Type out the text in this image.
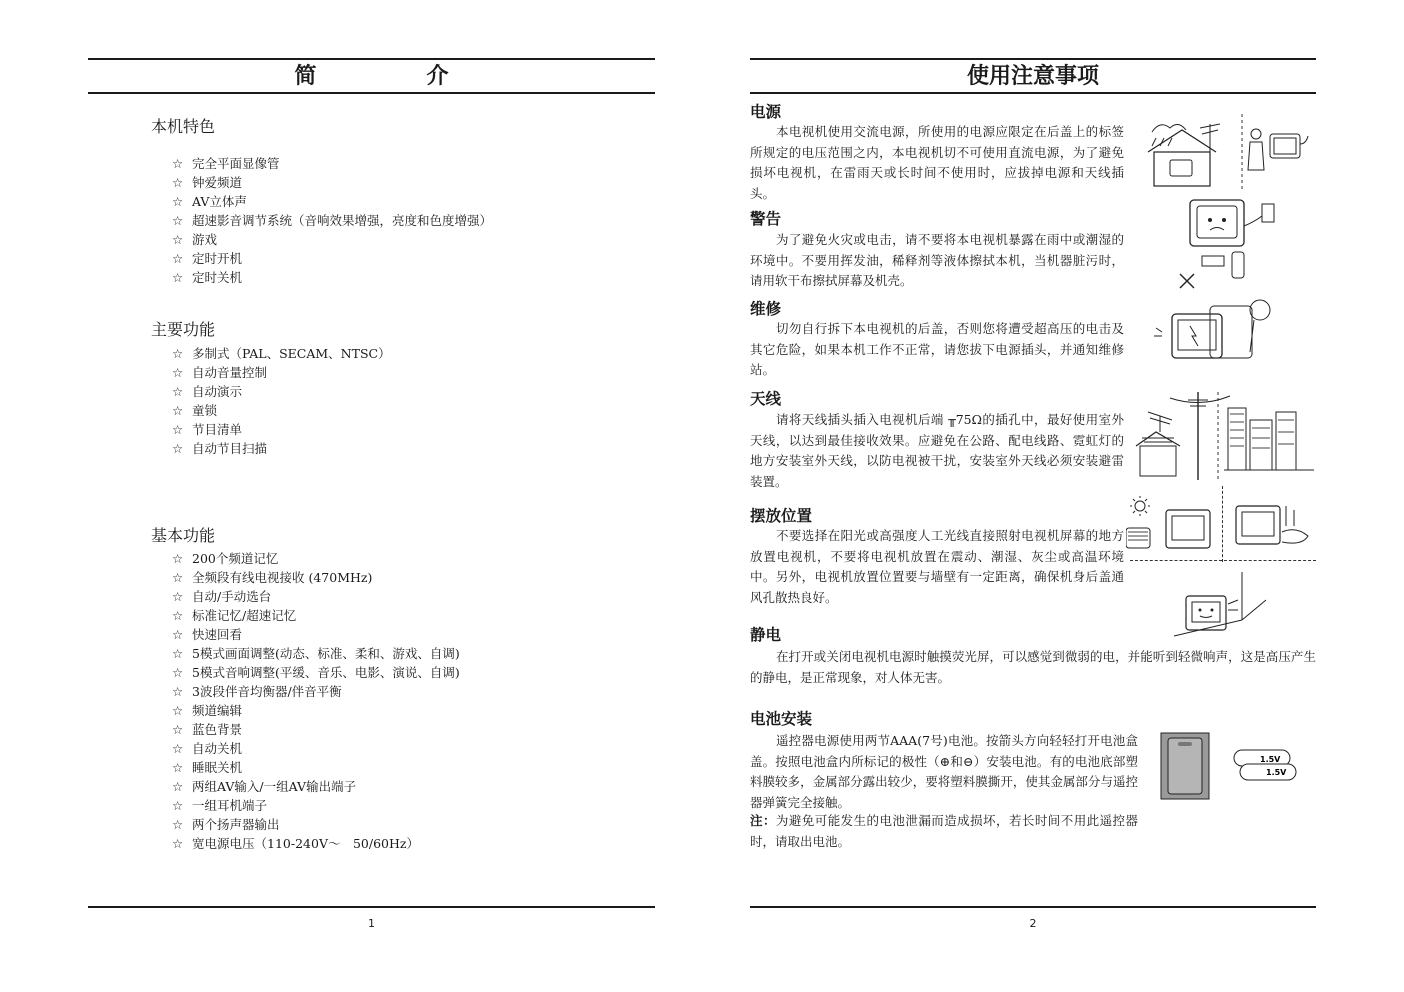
简　介
本机特色
☆ 完全平面显像管
☆ 钟爱频道
☆ AV立体声
☆ 超速影音调节系统（音响效果增强，亮度和色度增强）
☆ 游戏
☆ 定时开机
☆ 定时关机
主要功能
☆ 多制式（PAL、SECAM、NTSC）
☆ 自动音量控制
☆ 自动演示
☆ 童锁
☆ 节目清单
☆ 自动节目扫描
基本功能
☆ 200个频道记忆
☆ 全频段有线电视接收 (470MHz)
☆ 自动/手动选台
☆ 标准记忆/超速记忆
☆ 快速回看
☆ 5模式画面调整(动态、标准、柔和、游戏、自调)
☆ 5模式音响调整(平缓、音乐、电影、演说、自调)
☆ 3波段伴音均衡器/伴音平衡
☆ 频道编辑
☆ 蓝色背景
☆ 自动关机
☆ 睡眠关机
☆ 两组AV输入/一组AV输出端子
☆ 一组耳机端子
☆ 两个扬声器输出
☆ 宽电源电压（110-240V～　50/60Hz）
1
使用注意事项
电源

本电视机使用交流电源，所使用的电源应限定在后盖上的标签所规定的电压范围之内，本电视机切不可使用直流电源，为了避免损坏电视机，在雷雨天或长时间不使用时，应拔掉电源和天线插头。

警告

为了避免火灾或电击，请不要将本电视机暴露在雨中或潮湿的环境中。不要用挥发油，稀释剂等液体擦拭本机，当机器脏污时，请用软干布擦拭屏幕及机壳。

维修

切勿自行拆下本电视机的后盖，否则您将遭受超高压的电击及其它危险，如果本机工作不正常，请您拔下电源插头，并通知维修站。

天线

请将天线插头插入电视机后端 ╥75Ω的插孔中，最好使用室外天线，以达到最佳接收效果。应避免在公路、配电线路、霓虹灯的地方安装室外天线，以防电视被干扰，安装室外天线必须安装避雷装置。

摆放位置

不要选择在阳光或高强度人工光线直接照射电视机屏幕的地方放置电视机，不要将电视机放置在震动、潮湿、灰尘或高温环境中。另外，电视机放置位置要与墙壁有一定距离，确保机身后盖通风孔散热良好。

静电

在打开或关闭电视机电源时触摸荧光屏，可以感觉到微弱的电，并能听到轻微响声，这是高压产生的静电，是正常现象，对人体无害。

电池安装

遥控器电源使用两节AAA(7号)电池。按箭头方向轻轻打开电池盒盖。按照电池盒内所标记的极性（⊕和⊖）安装电池。有的电池底部塑料膜较多，金属部分露出较少，要将塑料膜撕开，使其金属部分与遥控器弹簧完全接触。

注：为避免可能发生的电池泄漏而造成损坏，若长时间不用此遥控器时，请取出电池。

1.5V
1.5V
2
